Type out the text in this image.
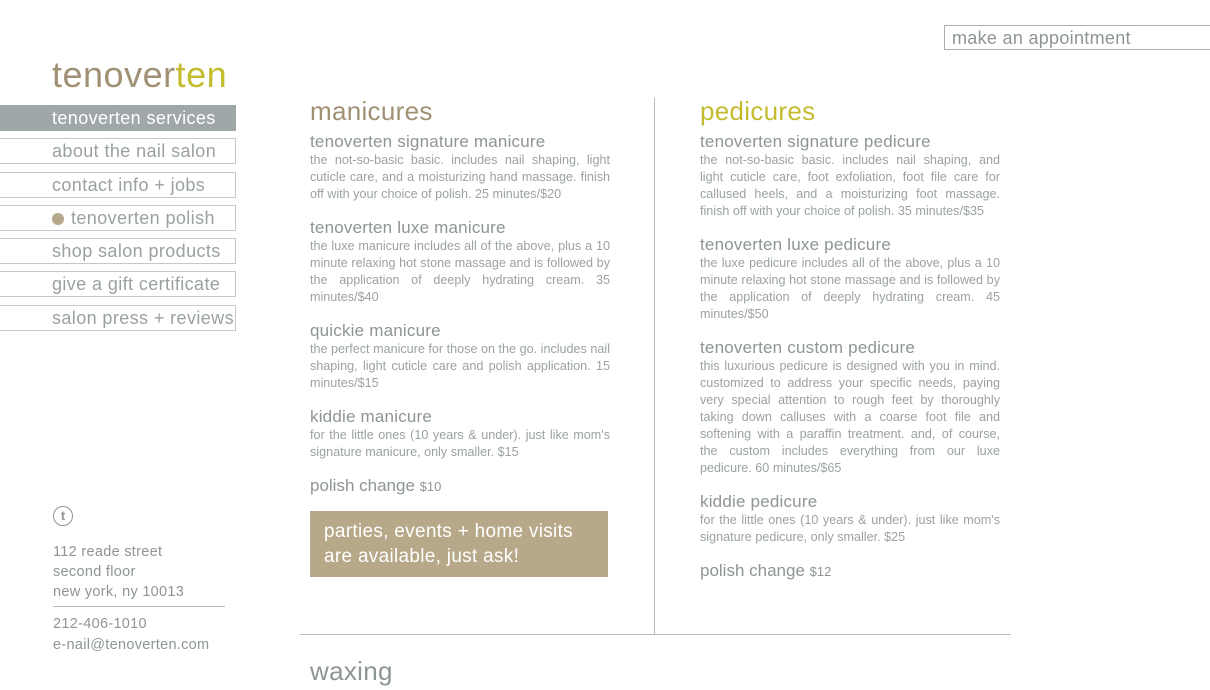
make an appointment
tenoverten
tenoverten services
about the nail salon
contact info + jobs
tenoverten polish
shop salon products
give a gift certificate
salon press + reviews
t
112 reade street
second floor
new york, ny 10013
212-406-1010
e-nail@tenoverten.com
manicures
tenoverten signature manicure
the not-so-basic basic. includes nail shaping, light cuticle care, and a moisturizing hand massage. finish off with your choice of polish. 25 minutes/$20
tenoverten luxe manicure
the luxe manicure includes all of the above, plus a 10 minute relaxing hot stone massage and is followed by the application of deeply hydrating cream. 35 minutes/$40
quickie manicure
the perfect manicure for those on the go. includes nail shaping, light cuticle care and polish application. 15 minutes/$15
kiddie manicure
for the little ones (10 years & under). just like mom's signature manicure, only smaller. $15
polish change $10
parties, events + home visits
are available, just ask!
pedicures
tenoverten signature pedicure
the not-so-basic basic. includes nail shaping, and light cuticle care, foot exfoliation, foot file care for callused heels, and a moisturizing foot massage. finish off with your choice of polish. 35 minutes/$35
tenoverten luxe pedicure
the luxe pedicure includes all of the above, plus a 10 minute relaxing hot stone massage and is followed by the application of deeply hydrating cream. 45 minutes/$50
tenoverten custom pedicure
this luxurious pedicure is designed with you in mind. customized to address your specific needs, paying very special attention to rough feet by thoroughly taking down calluses with a coarse foot file and softening with a paraffin treatment. and, of course, the custom includes everything from our luxe pedicure. 60 minutes/$65
kiddie pedicure
for the little ones (10 years & under). just like mom's signature pedicure, only smaller. $25
polish change $12
waxing
